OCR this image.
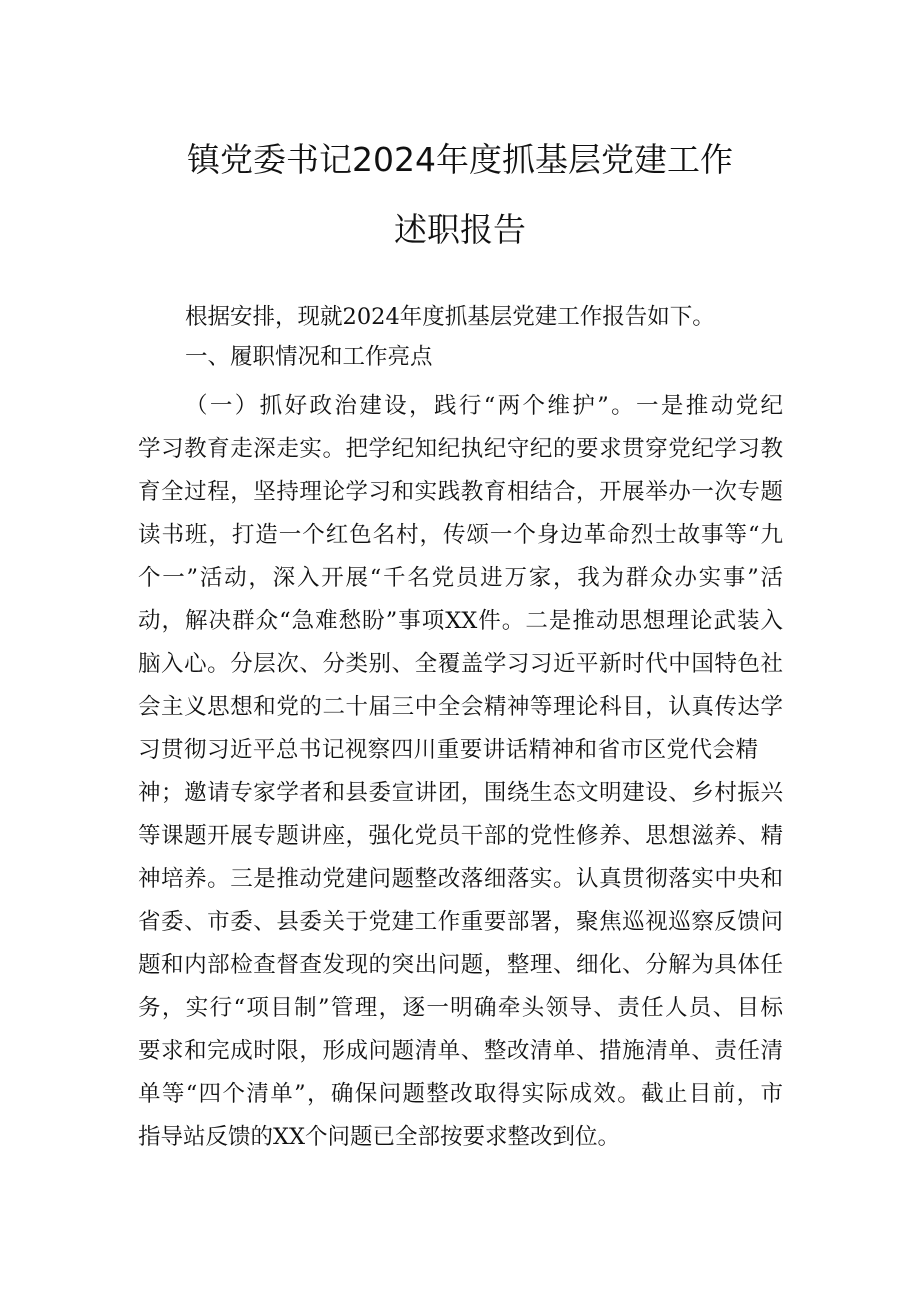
镇党委书记2024年度抓基层党建工作
述职报告
根据安排，现就2024年度抓基层党建工作报告如下。
一、履职情况和工作亮点
（一）抓好政治建设，践行“两个维护”。一是推动党纪
学习教育走深走实。把学纪知纪执纪守纪的要求贯穿党纪学习教
育全过程，坚持理论学习和实践教育相结合，开展举办一次专题
读书班，打造一个红色名村，传颂一个身边革命烈士故事等“九
个一”活动，深入开展“千名党员进万家，我为群众办实事”活
动，解决群众“急难愁盼”事项XX件。二是推动思想理论武装入
脑入心。分层次、分类别、全覆盖学习习近平新时代中国特色社
会主义思想和党的二十届三中全会精神等理论科目，认真传达学
习贯彻习近平总书记视察四川重要讲话精神和省市区党代会精
神；邀请专家学者和县委宣讲团，围绕生态文明建设、乡村振兴
等课题开展专题讲座，强化党员干部的党性修养、思想滋养、精
神培养。三是推动党建问题整改落细落实。认真贯彻落实中央和
省委、市委、县委关于党建工作重要部署，聚焦巡视巡察反馈问
题和内部检查督查发现的突出问题，整理、细化、分解为具体任
务，实行“项目制”管理，逐一明确牵头领导、责任人员、目标
要求和完成时限，形成问题清单、整改清单、措施清单、责任清
单等“四个清单”，确保问题整改取得实际成效。截止目前，市
指导站反馈的XX个问题已全部按要求整改到位。
